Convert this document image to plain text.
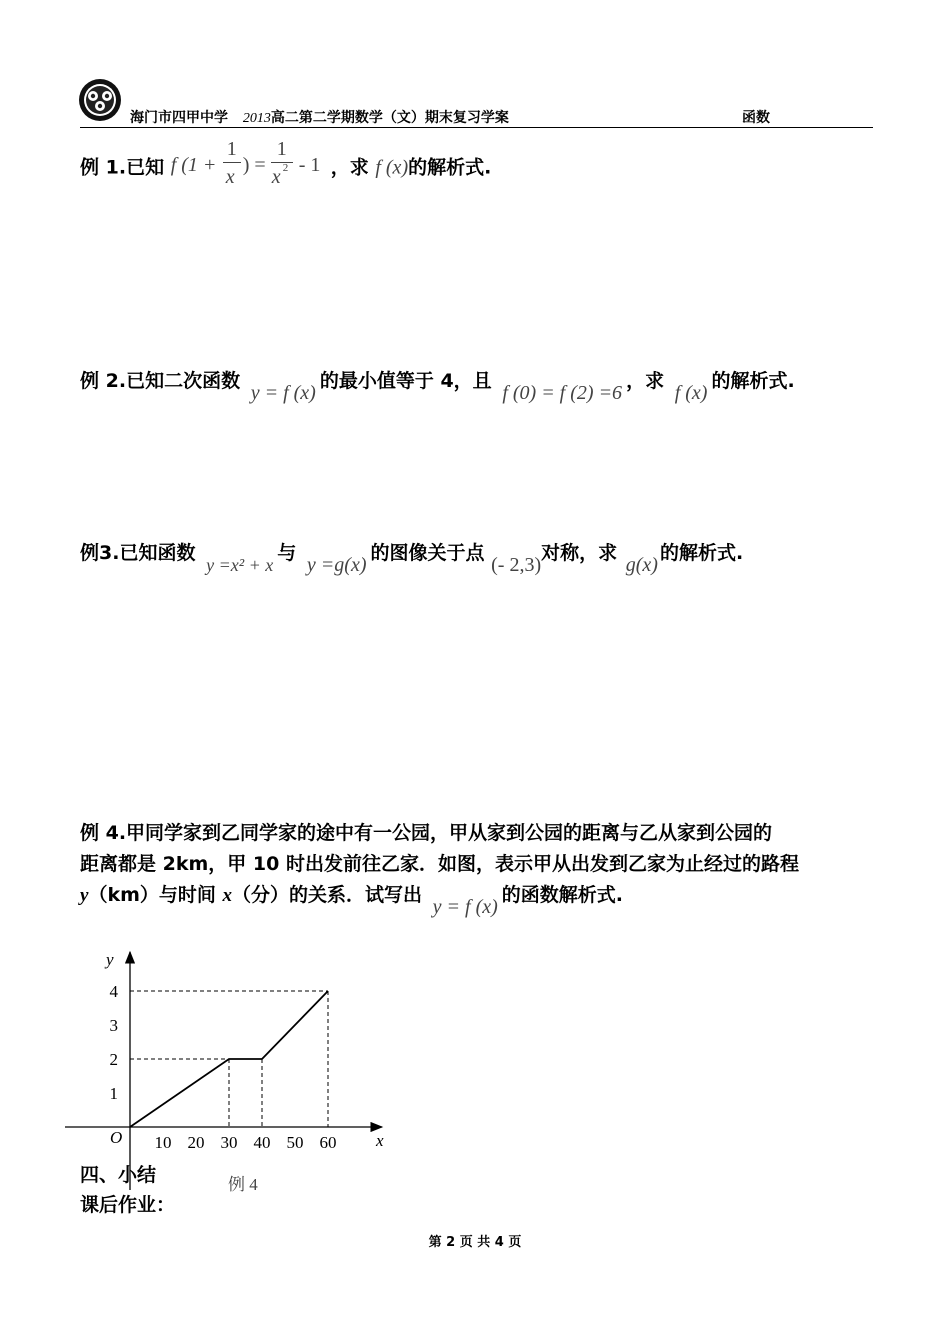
海门市四甲中学 2013高二第二学期数学（文）期末复习学案	函数
例 1.已知 f (1 +
1
x
) =
1
x 2 - 1 ，求 f (x)的解析式.
例 2.已知二次函数 y = f (x)的最小值等于 4，且 f (0) = f (2) =6，求 f (x)的解析式.
例3.已知函数 y =x² + x与 y =g(x)的图像关于点 (- 2,3)对称，求 g(x)的解析式.
例 4.甲同学家到乙同学家的途中有一公园，甲从家到公园的距离与乙从家到公园的
距离都是 2km，甲 10 时出发前往乙家．如图，表示甲从出发到乙家为止经过的路程
y（km）与时间 x（分）的关系．试写出 y = f (x)的函数解析式.
10 20 30 40 50 60
1
2
3
4
x
y
O
例 4
四、小结
课后作业：
第 2 页 共 4 页
